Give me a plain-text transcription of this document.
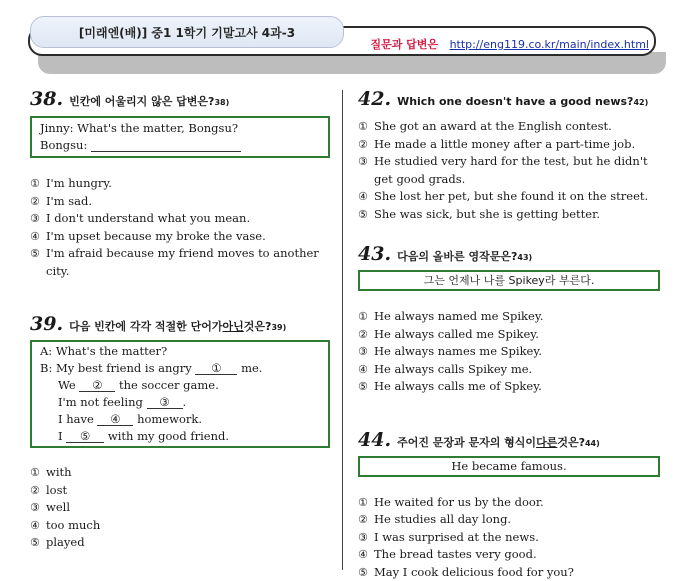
[미래엔(배)] 중1 1학기 기말고사 4과-3
질문과 답변은 http://eng119.co.kr/main/index.html
38. 빈칸에 어울리지 않은 답변은? 38)
Jinny: What's the matter, Bongsu?
Bongsu:
① I'm hungry.
② I'm sad.
③ I don't understand what you mean.
④ I'm upset because my broke the vase.
⑤ I'm afraid because my friend moves to another city.
39. 다음 빈칸에 각각 적절한 단어가 아닌 것은? 39)
A: What's the matter?
B: My best friend is angry ① me.
We ② the soccer game.
I'm not feeling ③ .
I have ④ homework.
I ⑤ with my good friend.
① with
② lost
③ well
④ too much
⑤ played
42. Which one doesn't have a good news? 42)
① She got an award at the English contest.
② He made a little money after a part-time job.
③ He studied very hard for the test, but he didn't get good grads.
④ She lost her pet, but she found it on the street.
⑤ She was sick, but she is getting better.
43. 다음의 올바른 영작문은? 43)
그는 언제나 나를 Spikey라 부른다.
① He always named me Spikey.
② He always called me Spikey.
③ He always names me Spikey.
④ He always calls Spikey me.
⑤ He always calls me of Spkey.
44. 주어진 문장과 문자의 형식이 다른 것은? 44)
He became famous.
① He waited for us by the door.
② He studies all day long.
③ I was surprised at the news.
④ The bread tastes very good.
⑤ May I cook delicious food for you?
